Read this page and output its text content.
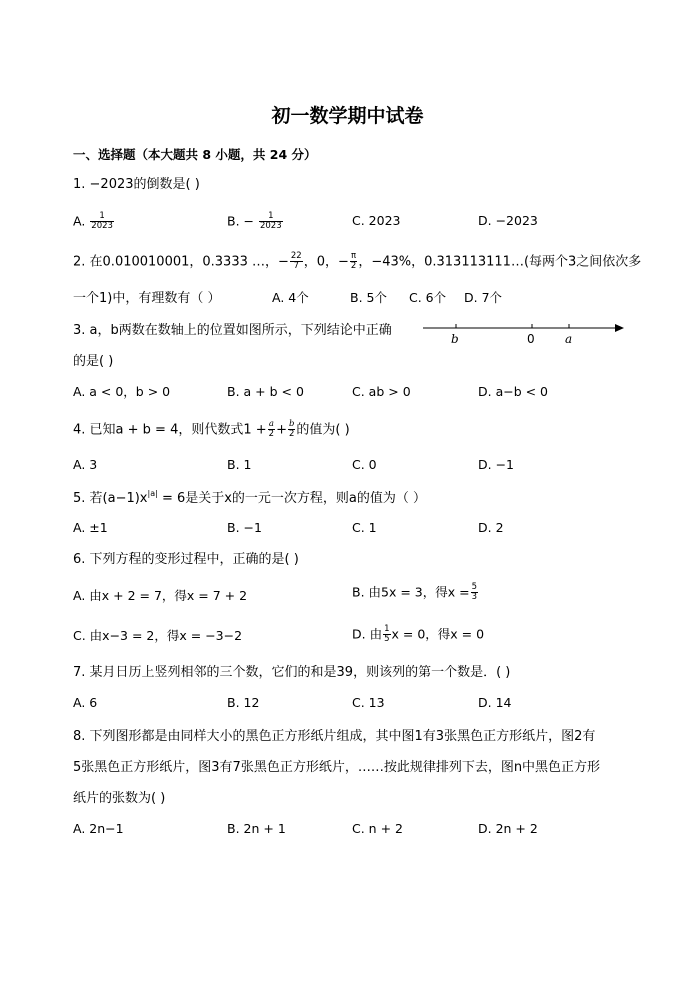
初一数学期中试卷
一、选择题（本大题共 8 小题，共 24 分）
1. −2023的倒数是( )
A. $\frac{1}{2023}$	B. − $\frac{1}{2023}$	C. 2023	D. −2023
2. 在0.010010001，0.3333 …，− $\frac{22}{7}$ ，0，− $\frac{\pi}{2}$ ，−43%，0.313113111…(每两个3之间依次多
一个1)中，有理数有（ ）	A. 4个	B. 5个 C. 6个 D. 7个
3. a，b两数在数轴上的位置如图所示，下列结论中正确
的是( )
b	0	a
A. a < 0，b > 0	B. a + b < 0	C. ab > 0	D. a−b < 0
4. 已知a + b = 4，则代数式$1 + \frac{a}{2} + \frac{b}{2}$ 的值为( )
A. 3	B. 1	C. 0	D. −1
5. 若$(a-1)x^{|a|} = 6$是关于x的一元一次方程，则a的值为（ ）
A. ±1	B. −1	C. 1	D. 2
6. 下列方程的变形过程中，正确的是( )
A. 由x + 2 = 7，得x = 7 + 2	B. 由5x = 3，得$x = \frac{5}{3}$
C. 由x−3 = 2，得x = −3−2	D. 由 $\frac{1}{5}$ x = 0，得x = 0
7. 某月日历上竖列相邻的三个数，它们的和是39，则该列的第一个数是．( )
A. 6	B. 12	C. 13	D. 14
8. 下列图形都是由同样大小的黑色正方形纸片组成，其中图1有3张黑色正方形纸片，图2有
5张黑色正方形纸片，图3有7张黑色正方形纸片，……按此规律排列下去，图n中黑色正方形
纸片的张数为( )
A. 2n−1	B. 2n + 1	C. n + 2	D. 2n + 2
